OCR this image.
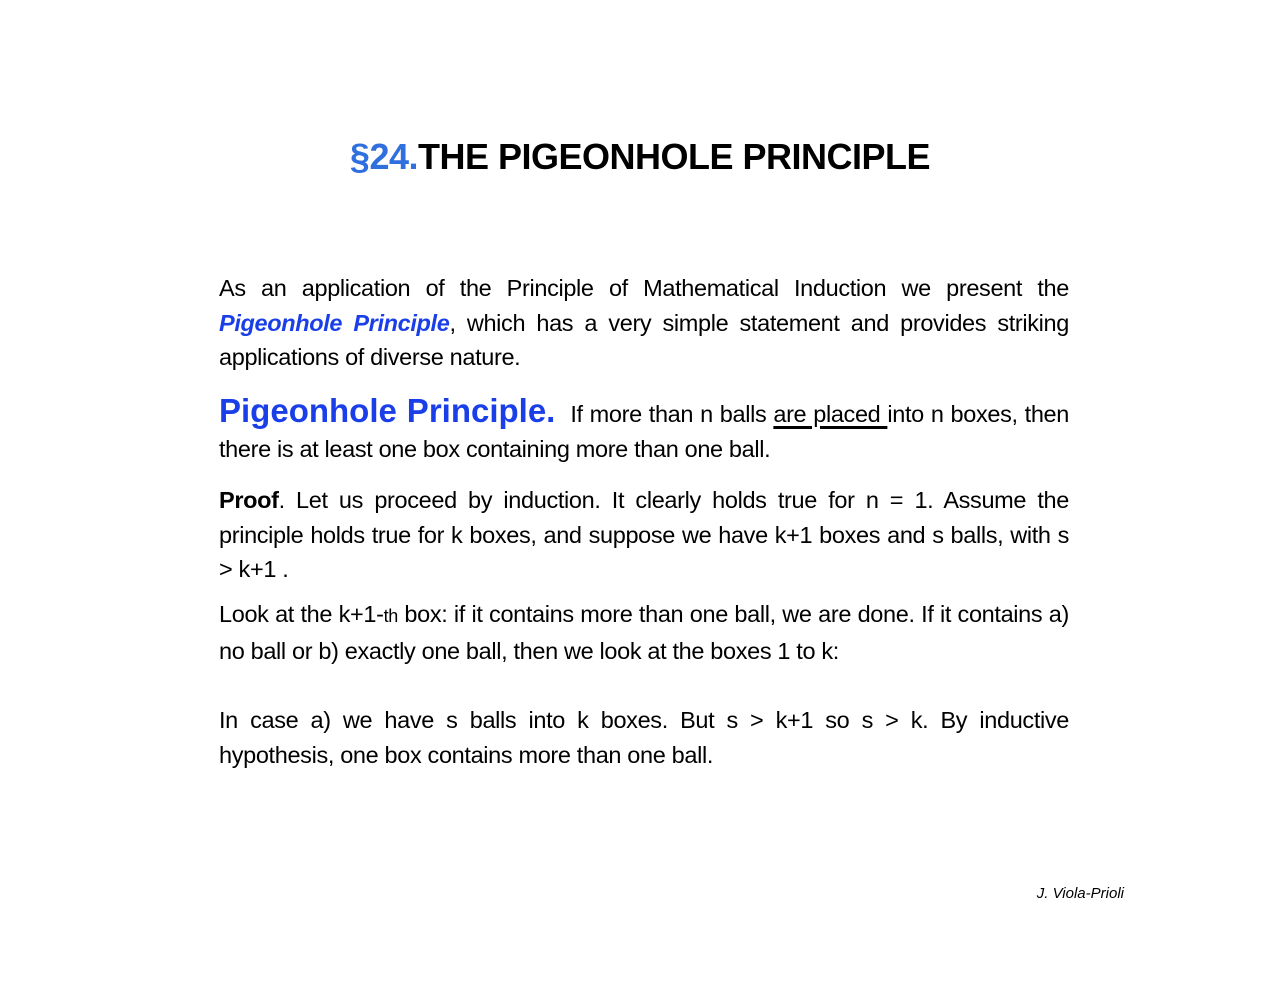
§24.THE PIGEONHOLE PRINCIPLE
As an application of the Principle of Mathematical Induction we present the Pigeonhole Principle, which has a very simple statement and provides striking applications of diverse nature.
Pigeonhole Principle. If more than n balls are placed into n boxes, then there is at least one box containing more than one ball.
Proof. Let us proceed by induction. It clearly holds true for n = 1. Assume the principle holds true for k boxes, and suppose we have k+1 boxes and s balls, with s > k+1 .
Look at the k+1-th box: if it contains more than one ball, we are done. If it contains a) no ball or b) exactly one ball, then we look at the boxes 1 to k:
In case a) we have s balls into k boxes. But s > k+1 so s > k. By inductive hypothesis, one box contains more than one ball.
J. Viola-Prioli
